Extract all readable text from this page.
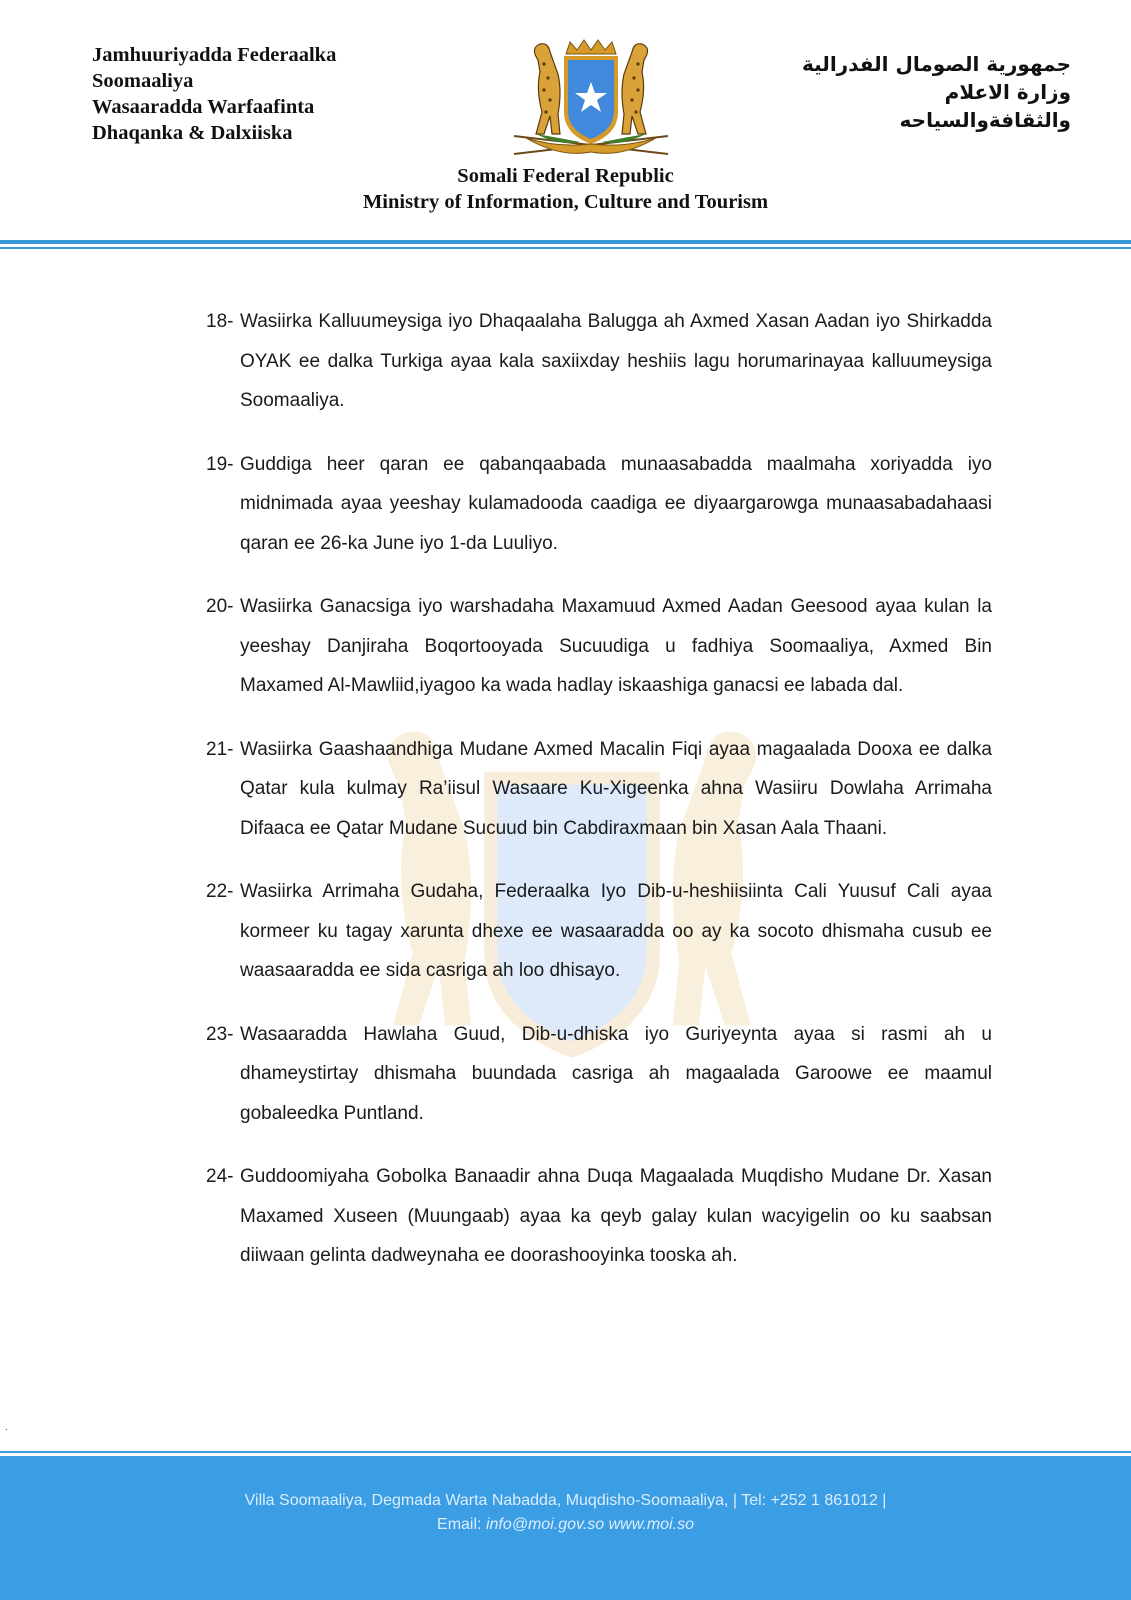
Jamhuuriyadda Federaalka
Soomaaliya
Wasaaradda Warfaafinta
Dhaqanka & Dalxiiska
جمهورية الصومال الفدرالية
وزارة الاعلام
والثقافةوالسياحه
Somali Federal Republic
Ministry of Information, Culture and Tourism
18- Wasiirka Kalluumeysiga iyo Dhaqaalaha Balugga ah Axmed Xasan Aadan iyo Shirkadda OYAK ee dalka Turkiga ayaa kala saxiixday heshiis lagu horumarinayaa kalluumeysiga Soomaaliya.
19- Guddiga heer qaran ee qabanqaabada munaasabadda maalmaha xoriyadda iyo midnimada ayaa yeeshay kulamadooda caadiga ee diyaargarowga munaasabadahaasi qaran ee 26-ka June iyo 1-da Luuliyo.
20- Wasiirka Ganacsiga iyo warshadaha Maxamuud Axmed Aadan Geesood ayaa kulan la yeeshay Danjiraha Boqortooyada Sucuudiga u fadhiya Soomaaliya, Axmed Bin Maxamed Al-Mawliid,iyagoo ka wada hadlay iskaashiga ganacsi ee labada dal.
21- Wasiirka Gaashaandhiga Mudane Axmed Macalin Fiqi ayaa magaalada Dooxa ee dalka Qatar kula kulmay Ra’iisul Wasaare Ku-Xigeenka ahna Wasiiru Dowlaha Arrimaha Difaaca ee Qatar Mudane Sucuud bin Cabdiraxmaan bin Xasan Aala Thaani.
22- Wasiirka Arrimaha Gudaha, Federaalka Iyo Dib-u-heshiisiinta Cali Yuusuf Cali ayaa kormeer ku tagay xarunta dhexe ee wasaaradda oo ay ka socoto dhismaha cusub ee waasaaradda ee sida casriga ah loo dhisayo.
23- Wasaaradda Hawlaha Guud, Dib-u-dhiska iyo Guriyeynta ayaa si rasmi ah u dhameystirtay dhismaha buundada casriga ah magaalada Garoowe ee maamul gobaleedka Puntland.
24- Guddoomiyaha Gobolka Banaadir ahna Duqa Magaalada Muqdisho Mudane Dr. Xasan Maxamed Xuseen (Muungaab) ayaa ka qeyb galay kulan wacyigelin oo ku saabsan diiwaan gelinta dadweynaha ee doorashooyinka tooska ah.
.
Villa Soomaaliya, Degmada Warta Nabadda, Muqdisho-Soomaaliya, | Tel: +252 1 861012 |
Email: info@moi.gov.so www.moi.so
